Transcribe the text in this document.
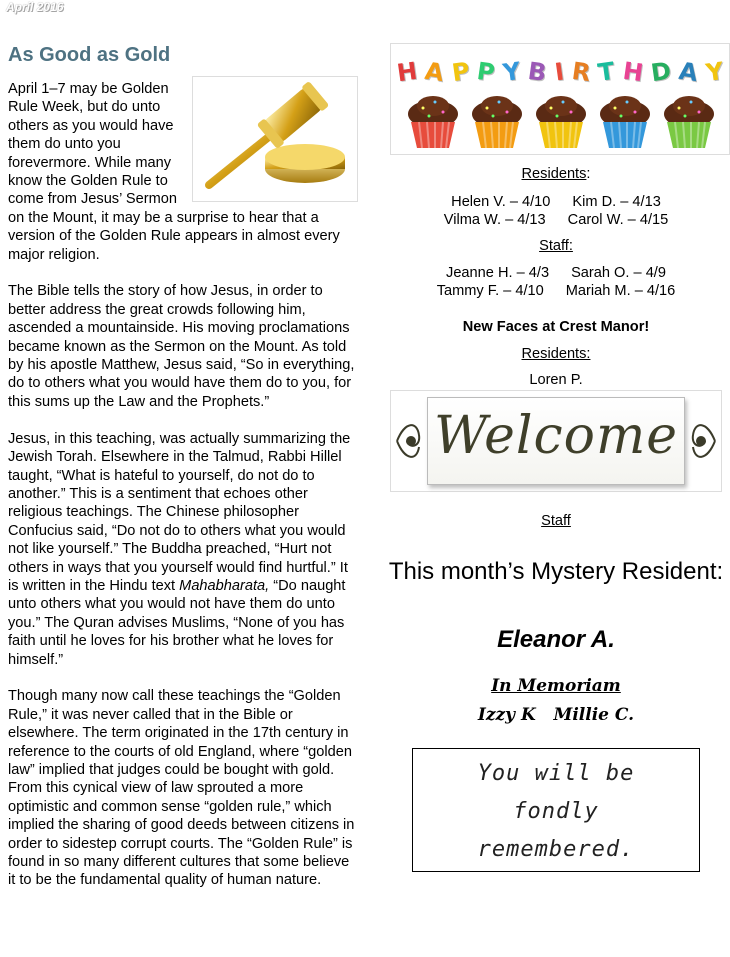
April 2016
As Good as Gold

April 1–7 may be Golden Rule Week, but do unto others as you would have them do unto you forevermore. While many know the Golden Rule to come from Jesus’ Sermon on the Mount, it may be a surprise to hear that a version of the Golden Rule appears in almost every major religion.

The Bible tells the story of how Jesus, in order to better address the great crowds following him, ascended a mountainside. His moving proclamations became known as the Sermon on the Mount. As told by his apostle Matthew, Jesus said, “So in everything, do to others what you would have them do to you, for this sums up the Law and the Prophets.”

Jesus, in this teaching, was actually summarizing the Jewish Torah. Elsewhere in the Talmud, Rabbi Hillel taught, “What is hateful to yourself, do not do to another.” This is a sentiment that echoes other religious teachings. The Chinese philosopher Confucius said, “Do not do to others what you would not like yourself.” The Buddha preached, “Hurt not others in ways that you yourself would find hurtful.” It is written in the Hindu text Mahabharata, “Do naught unto others what you would not have them do unto you.” The Quran advises Muslims, “None of you has faith until he loves for his brother what he loves for himself.”

Though many now call these teachings the “Golden Rule,” it was never called that in the Bible or elsewhere. The term originated in the 17th century in reference to the courts of old England, where “golden law” implied that judges could be bought with gold. From this cynical view of law sprouted a more optimistic and common sense “golden rule,” which implied the sharing of good deeds between citizens in order to sidestep corrupt courts. The “Golden Rule” is found in so many different cultures that some believe it to be the fundamental quality of human nature.

H A P P Y B I R T H D A Y
Residents:
Helen V. – 4/10 Kim D. – 4/13
Vilma W. – 4/13 Carol W. – 4/15
Staff:
Jeanne H. – 4/3 Sarah O. – 4/9
Tammy F. – 4/10 Mariah M. – 4/16
New Faces at Crest Manor!
Residents:
Loren P.
Welcome
Staff
This month’s Mystery Resident:
Eleanor A.
In Memoriam
Izzy K Millie C.
You will be
fondly
remembered.
